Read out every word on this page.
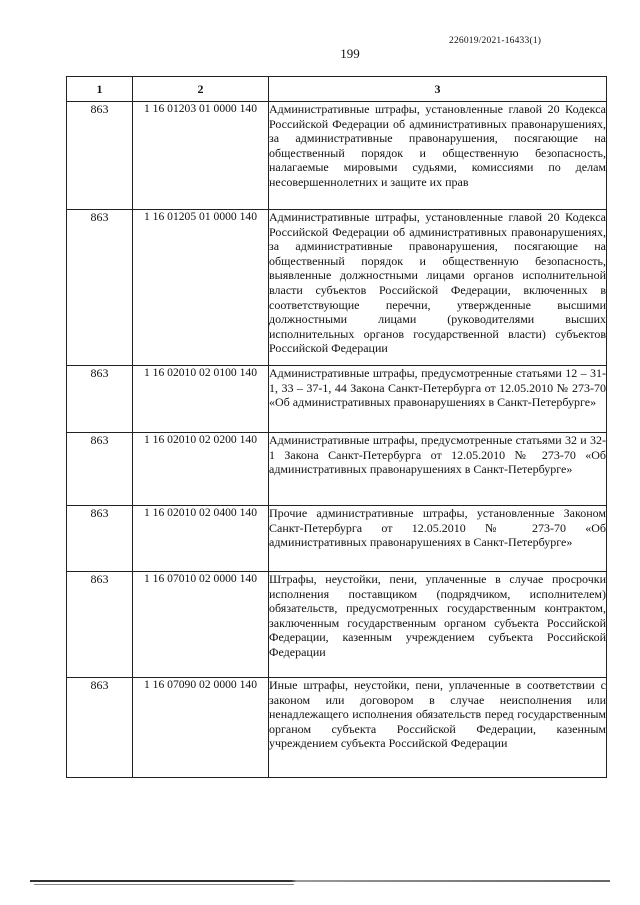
226019/2021-16433(1)
199
1	2	3
863	1 16 01203 01 0000 140	Административные штрафы, установленные главой 20 Кодекса Российской Федерации об административных правонарушениях, за административные правонарушения, посягающие на общественный порядок и общественную безопасность, налагаемые мировыми судьями, комиссиями по делам несовершеннолетних и защите их прав
863	1 16 01205 01 0000 140	Административные штрафы, установленные главой 20 Кодекса Российской Федерации об административных правонарушениях, за административные правонарушения, посягающие на общественный порядок и общественную безопасность, выявленные должностными лицами органов исполнительной власти субъектов Российской Федерации, включенных в соответствующие перечни, утвержденные высшими должностными лицами (руководителями высших исполнительных органов государственной власти) субъектов Российской Федерации
863	1 16 02010 02 0100 140	Административные штрафы, предусмотренные статьями 12 – 31-1, 33 – 37-1, 44 Закона Санкт-Петербурга от 12.05.2010 № 273-70 «Об административных правонарушениях в Санкт-Петербурге»
863	1 16 02010 02 0200 140	Административные штрафы, предусмотренные статьями 32 и 32-1 Закона Санкт-Петербурга от 12.05.2010 № 273-70 «Об административных правонарушениях в Санкт-Петербурге»
863	1 16 02010 02 0400 140	Прочие административные штрафы, установленные Законом Санкт-Петербурга от 12.05.2010 № 273-70 «Об административных правонарушениях в Санкт-Петербурге»
863	1 16 07010 02 0000 140	Штрафы, неустойки, пени, уплаченные в случае просрочки исполнения поставщиком (подрядчиком, исполнителем) обязательств, предусмотренных государственным контрактом, заключенным государственным органом субъекта Российской Федерации, казенным учреждением субъекта Российской Федерации
863	1 16 07090 02 0000 140	Иные штрафы, неустойки, пени, уплаченные в соответствии с законом или договором в случае неисполнения или ненадлежащего исполнения обязательств перед государственным органом субъекта Российской Федерации, казенным учреждением субъекта Российской Федерации
